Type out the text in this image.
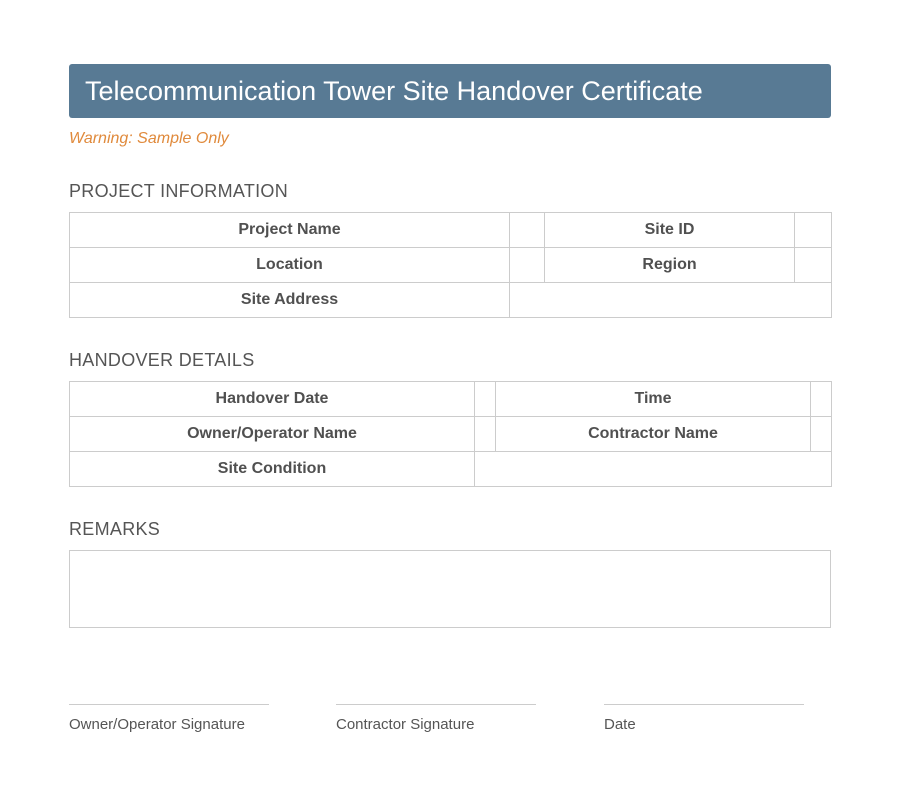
Telecommunication Tower Site Handover Certificate
Warning: Sample Only
PROJECT INFORMATION
Project Name		Site ID	
Location		Region	
Site Address			
HANDOVER DETAILS
Handover Date		Time	
Owner/Operator Name		Contractor Name	
Site Condition			
REMARKS
Owner/Operator Signature	Contractor Signature	Date
